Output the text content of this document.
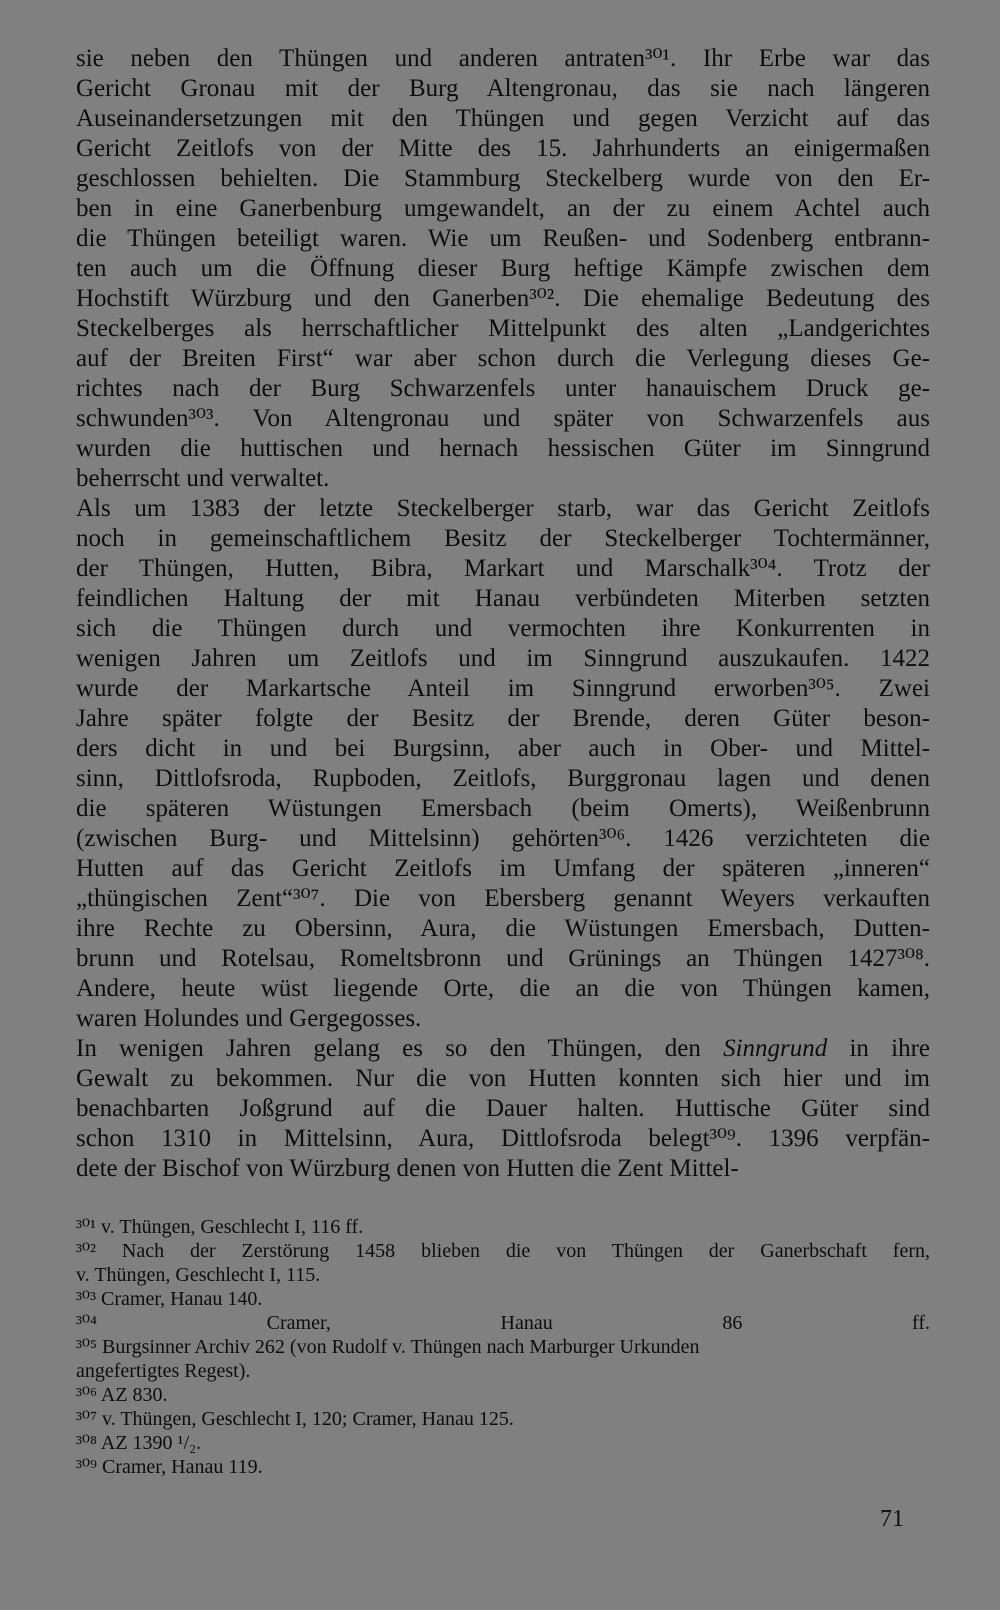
sie neben den Thüngen und anderen antraten³⁰¹. Ihr Erbe war das
Gericht Gronau mit der Burg Altengronau, das sie nach längeren
Auseinandersetzungen mit den Thüngen und gegen Verzicht auf das
Gericht Zeitlofs von der Mitte des 15. Jahrhunderts an einigermaßen
geschlossen behielten. Die Stammburg Steckelberg wurde von den Er-
ben in eine Ganerbenburg umgewandelt, an der zu einem Achtel auch
die Thüngen beteiligt waren. Wie um Reußen- und Sodenberg entbrann-
ten auch um die Öffnung dieser Burg heftige Kämpfe zwischen dem
Hochstift Würzburg und den Ganerben³⁰². Die ehemalige Bedeutung des
Steckelberges als herrschaftlicher Mittelpunkt des alten „Landgerichtes
auf der Breiten First“ war aber schon durch die Verlegung dieses Ge-
richtes nach der Burg Schwarzenfels unter hanauischem Druck ge-
schwunden³⁰³. Von Altengronau und später von Schwarzenfels aus
wurden die huttischen und hernach hessischen Güter im Sinngrund
beherrscht und verwaltet.
Als um 1383 der letzte Steckelberger starb, war das Gericht Zeitlofs
noch in gemeinschaftlichem Besitz der Steckelberger Tochtermänner,
der Thüngen, Hutten, Bibra, Markart und Marschalk³⁰⁴. Trotz der
feindlichen Haltung der mit Hanau verbündeten Miterben setzten
sich die Thüngen durch und vermochten ihre Konkurrenten in
wenigen Jahren um Zeitlofs und im Sinngrund auszukaufen. 1422
wurde der Markartsche Anteil im Sinngrund erworben³⁰⁵. Zwei
Jahre später folgte der Besitz der Brende, deren Güter beson-
ders dicht in und bei Burgsinn, aber auch in Ober- und Mittel-
sinn, Dittlofsroda, Rupboden, Zeitlofs, Burggronau lagen und denen
die späteren Wüstungen Emersbach (beim Omerts), Weißenbrunn
(zwischen Burg- und Mittelsinn) gehörten³⁰⁶. 1426 verzichteten die
Hutten auf das Gericht Zeitlofs im Umfang der späteren „inneren“
„thüngischen Zent“³⁰⁷. Die von Ebersberg genannt Weyers verkauften
ihre Rechte zu Obersinn, Aura, die Wüstungen Emersbach, Dutten-
brunn und Rotelsau, Romeltsbronn und Grünings an Thüngen 1427³⁰⁸.
Andere, heute wüst liegende Orte, die an die von Thüngen kamen,
waren Holundes und Gergegosses.
In wenigen Jahren gelang es so den Thüngen, den Sinngrund in ihre
Gewalt zu bekommen. Nur die von Hutten konnten sich hier und im
benachbarten Joßgrund auf die Dauer halten. Huttische Güter sind
schon 1310 in Mittelsinn, Aura, Dittlofsroda belegt³⁰⁹. 1396 verpfän-
dete der Bischof von Würzburg denen von Hutten die Zent Mittel-
³⁰¹ v. Thüngen, Geschlecht I, 116 ff.
³⁰² Nach der Zerstörung 1458 blieben die von Thüngen der Ganerbschaft fern,
v. Thüngen, Geschlecht I, 115.
³⁰³ Cramer, Hanau 140.
³⁰⁴ Cramer, Hanau 86 ff.
³⁰⁵ Burgsinner Archiv 262 (von Rudolf v. Thüngen nach Marburger Urkunden
angefertigtes Regest).
³⁰⁶ AZ 830.
³⁰⁷ v. Thüngen, Geschlecht I, 120; Cramer, Hanau 125.
³⁰⁸ AZ 1390 ¹/₂.
³⁰⁹ Cramer, Hanau 119.
71
